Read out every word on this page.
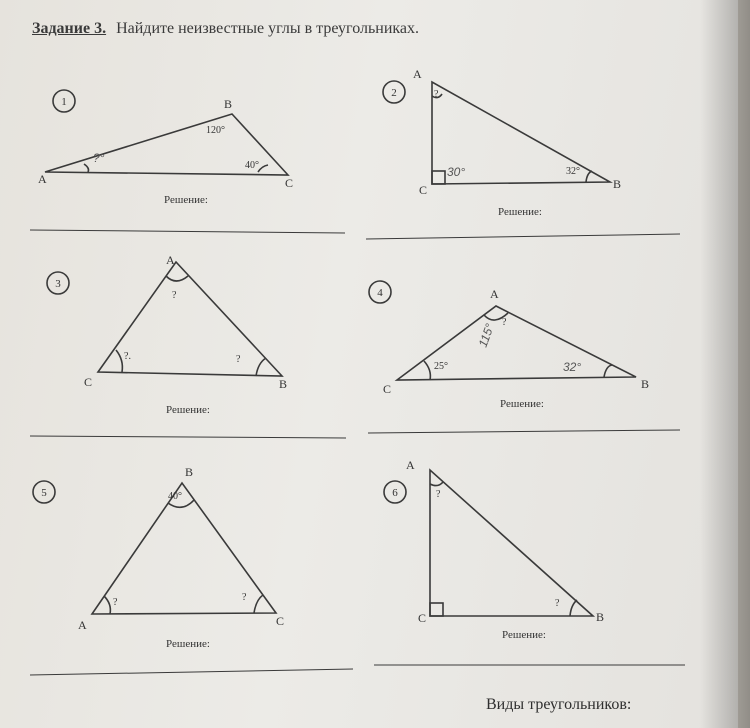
Задание 3. Найдите неизвестные углы в треугольниках.
1
2
3
4
5	6
A
B
C
120°
40°
?°
Решение:
A
B
C
?
32°
30°
Решение:
A
B
C
?
?
?.
Решение:
A
B
C
?
25°
115°
32°
Решение:
B
A	C
40°
?	?
Решение:
A
B
C
?
?
Решение:
Виды треугольников:
